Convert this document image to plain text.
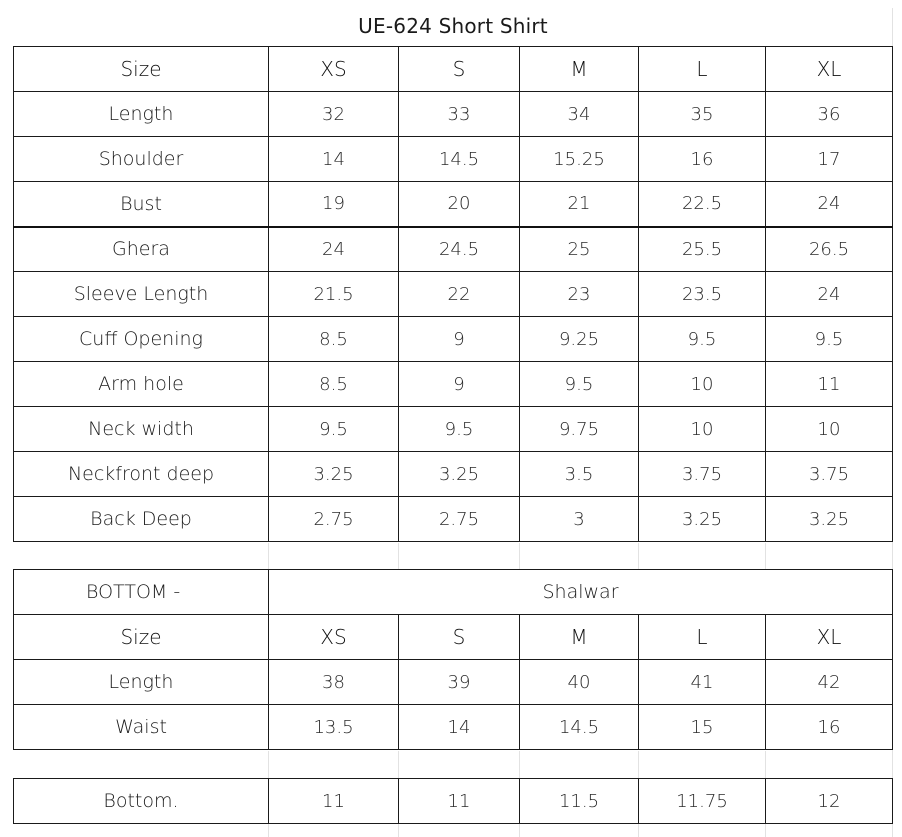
UE-624 Short Shirt
Size	XS	S	M	L	XL
Length	32	33	34	35	36
Shoulder	14	14.5	15.25	16	17
Bust	19	20	21	22.5	24
Ghera	24	24.5	25	25.5	26.5
Sleeve Length	21.5	22	23	23.5	24
Cuff Opening	8.5	9	9.25	9.5	9.5
Arm hole	8.5	9	9.5	10	11
Neck width	9.5	9.5	9.75	10	10
Neckfront deep	3.25	3.25	3.5	3.75	3.75
Back Deep	2.75	2.75	3	3.25	3.25
BOTTOM -	Shalwar				
Size	XS	S	M	L	XL
Length	38	39	40	41	42
Waist	13.5	14	14.5	15	16
Bottom.	11	11	11.5	11.75	12
